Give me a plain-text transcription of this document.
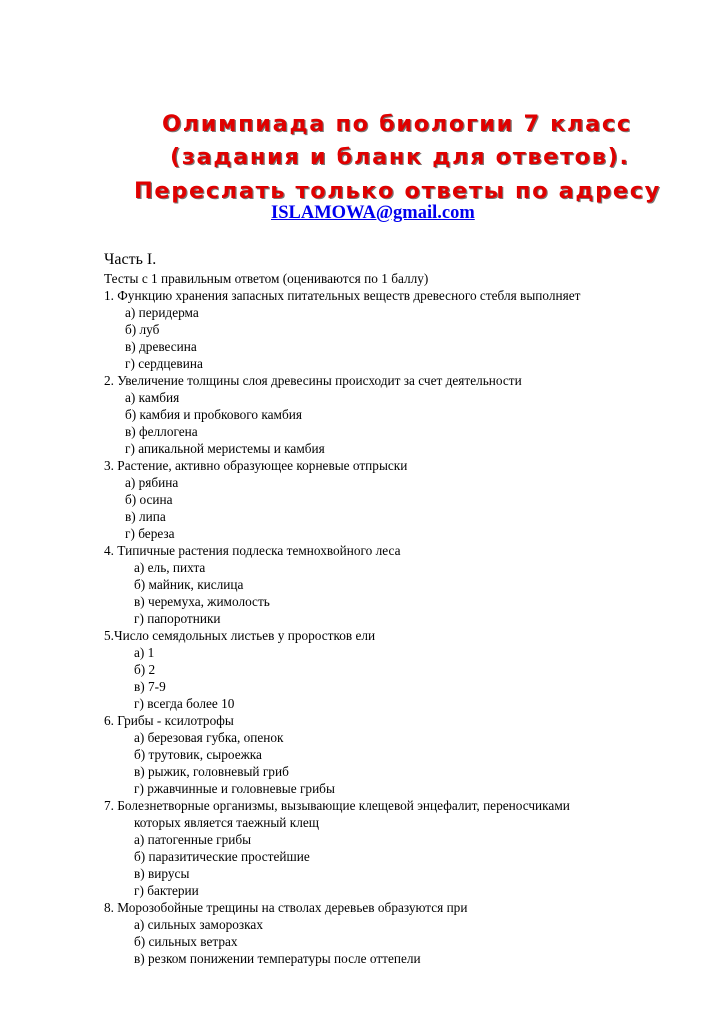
Олимпиада по биологии 7 класс
(задания и бланк для ответов).
Переслать только ответы по адресу
ISLAMOWA@gmail.com
Часть I.
Тесты с 1 правильным ответом (оцениваются по 1 баллу)
1. Функцию хранения запасных питательных веществ древесного стебля выполняет
а) перидерма
б) луб
в) древесина
г) сердцевина
2. Увеличение толщины слоя древесины происходит за счет деятельности
а) камбия
б) камбия и пробкового камбия
в) феллогена
г) апикальной меристемы и камбия
3. Растение, активно образующее корневые отпрыски
а) рябина
б) осина
в) липа
г) береза
4. Типичные растения подлеска темнохвойного леса
а) ель, пихта
б) майник, кислица
в) черемуха, жимолость
г) папоротники
5.Число семядольных листьев у проростков ели
а) 1
б) 2
в) 7-9
г) всегда более 10
6. Грибы - ксилотрофы
а) березовая губка, опенок
б) трутовик, сыроежка
в) рыжик, головневый гриб
г) ржавчинные и головневые грибы
7. Болезнетворные организмы, вызывающие клещевой энцефалит, переносчиками
которых является таежный клещ
а) патогенные грибы
б) паразитические простейшие
в) вирусы
г) бактерии
8. Морозобойные трещины на стволах деревьев образуются при
а) сильных заморозках
б) сильных ветрах
в) резком понижении температуры после оттепели
